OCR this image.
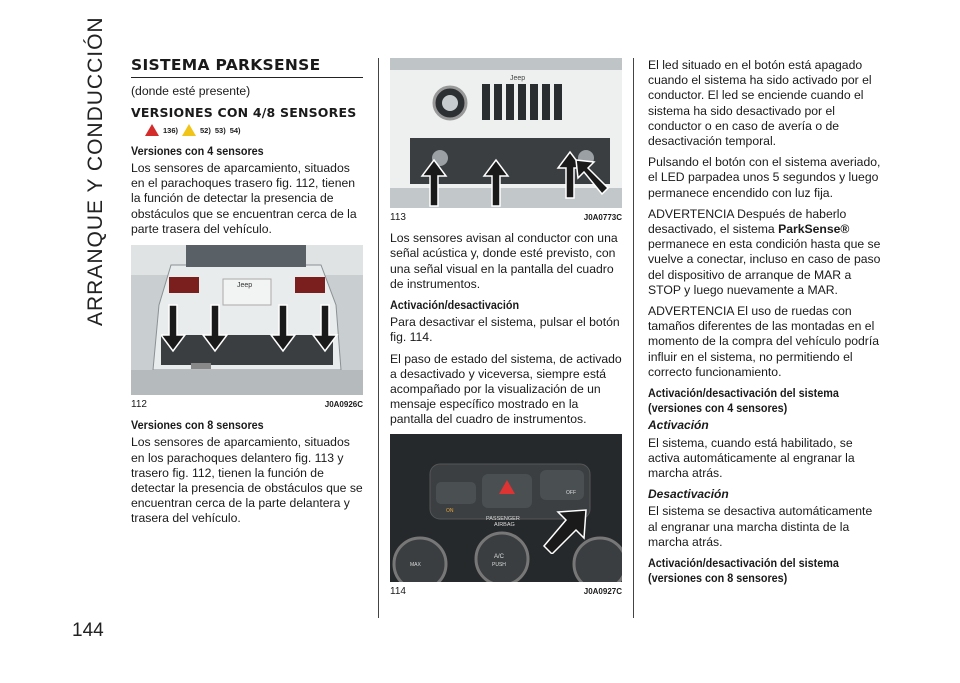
ARRANQUE Y CONDUCCIÓN
144
SISTEMA PARKSENSE

(donde esté presente)

VERSIONES CON 4/8 SENSORES
136)	52) 53) 54)
Versiones con 4 sensores

Los sensores de aparcamiento, situados en el parachoques trasero fig. 112, tienen la función de detectar la presencia de obstáculos que se encuentran cerca de la parte trasera del vehículo.

Jeep
112	J0A0926C
Versiones con 8 sensores

Los sensores de aparcamiento, situados en los parachoques delantero fig. 113 y trasero fig. 112, tienen la función de detectar la presencia de obstáculos que se encuentran cerca de la parte delantera y trasera del vehículo.

Jeep
113	J0A0773C

Los sensores avisan al conductor con una señal acústica y, donde esté previsto, con una señal visual en la pantalla del cuadro de instrumentos.

Activación/desactivación

Para desactivar el sistema, pulsar el botón fig. 114.

El paso de estado del sistema, de activado a desactivado y viceversa, siempre está acompañado por la visualización de un mensaje específico mostrado en la pantalla del cuadro de instrumentos.

PASSENGER
AIRBAG
ON
OFF
A/C
PUSH
MAX
114	J0A0927C

El led situado en el botón está apagado cuando el sistema ha sido activado por el conductor. El led se enciende cuando el sistema ha sido desactivado por el conductor o en caso de avería o de desactivación temporal.

Pulsando el botón con el sistema averiado, el LED parpadea unos 5 segundos y luego permanece encendido con luz fija.

ADVERTENCIA Después de haberlo desactivado, el sistema ParkSense® permanece en esta condición hasta que se vuelve a conectar, incluso en caso de paso del dispositivo de arranque de MAR a STOP y luego nuevamente a MAR.

ADVERTENCIA El uso de ruedas con tamaños diferentes de las montadas en el momento de la compra del vehículo podría influir en el sistema, no permitiendo el correcto funcionamiento.

Activación/desactivación del sistema (versiones con 4 sensores)
Activación

El sistema, cuando está habilitado, se activa automáticamente al engranar la marcha atrás.

Desactivación

El sistema se desactiva automáticamente al engranar una marcha distinta de la marcha atrás.

Activación/desactivación del sistema (versiones con 8 sensores)
